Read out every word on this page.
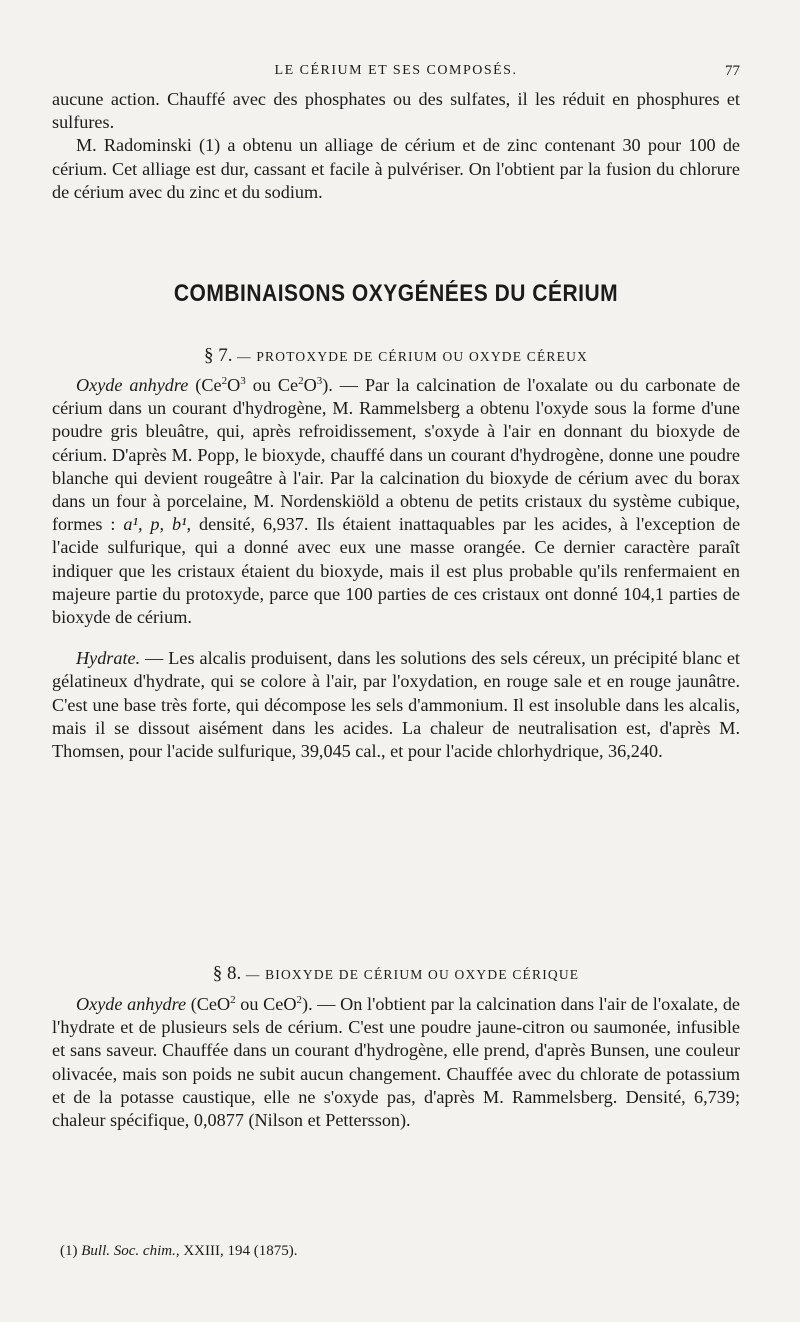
LE CÉRIUM ET SES COMPOSÉS.	77

aucune action. Chauffé avec des phosphates ou des sulfates, il les réduit en phosphures et sulfures.

M. Radominski (1) a obtenu un alliage de cérium et de zinc contenant 30 pour 100 de cérium. Cet alliage est dur, cassant et facile à pulvériser. On l'obtient par la fusion du chlorure de cérium avec du zinc et du sodium.

COMBINAISONS OXYGÉNÉES DU CÉRIUM
§ 7. — PROTOXYDE DE CÉRIUM OU OXYDE CÉREUX

Oxyde anhydre ($Ce^2O^3$ ou $Ce^2O^3$). — Par la calcination de l'oxalate ou du carbonate de cérium dans un courant d'hydrogène, M. Rammelsberg a obtenu l'oxyde sous la forme d'une poudre gris bleuâtre, qui, après refroidissement, s'oxyde à l'air en donnant du bioxyde de cérium. D'après M. Popp, le bioxyde, chauffé dans un courant d'hydrogène, donne une poudre blanche qui devient rougeâtre à l'air. Par la calcination du bioxyde de cérium avec du borax dans un four à porcelaine, M. Nordenskiöld a obtenu de petits cristaux du système cubique, formes : a¹, p, b¹, densité, 6,937. Ils étaient inattaquables par les acides, à l'exception de l'acide sulfurique, qui a donné avec eux une masse orangée. Ce dernier caractère paraît indiquer que les cristaux étaient du bioxyde, mais il est plus probable qu'ils renfermaient en majeure partie du protoxyde, parce que 100 parties de ces cristaux ont donné 104,1 parties de bioxyde de cérium.

Hydrate. — Les alcalis produisent, dans les solutions des sels céreux, un précipité blanc et gélatineux d'hydrate, qui se colore à l'air, par l'oxydation, en rouge sale et en rouge jaunâtre. C'est une base très forte, qui décompose les sels d'ammonium. Il est insoluble dans les alcalis, mais il se dissout aisément dans les acides. La chaleur de neutralisation est, d'après M. Thomsen, pour l'acide sulfurique, 39,045 cal., et pour l'acide chlorhydrique, 36,240.

§ 8. — BIOXYDE DE CÉRIUM OU OXYDE CÉRIQUE

Oxyde anhydre (CeO$^2$ ou CeO$^2$). — On l'obtient par la calcination dans l'air de l'oxalate, de l'hydrate et de plusieurs sels de cérium. C'est une poudre jaune-citron ou saumonée, infusible et sans saveur. Chauffée dans un courant d'hydrogène, elle prend, d'après Bunsen, une couleur olivacée, mais son poids ne subit aucun changement. Chauffée avec du chlorate de potassium et de la potasse caustique, elle ne s'oxyde pas, d'après M. Rammelsberg. Densité, 6,739; chaleur spécifique, 0,0877 (Nilson et Pettersson).

(1) Bull. Soc. chim., XXIII, 194 (1875).
